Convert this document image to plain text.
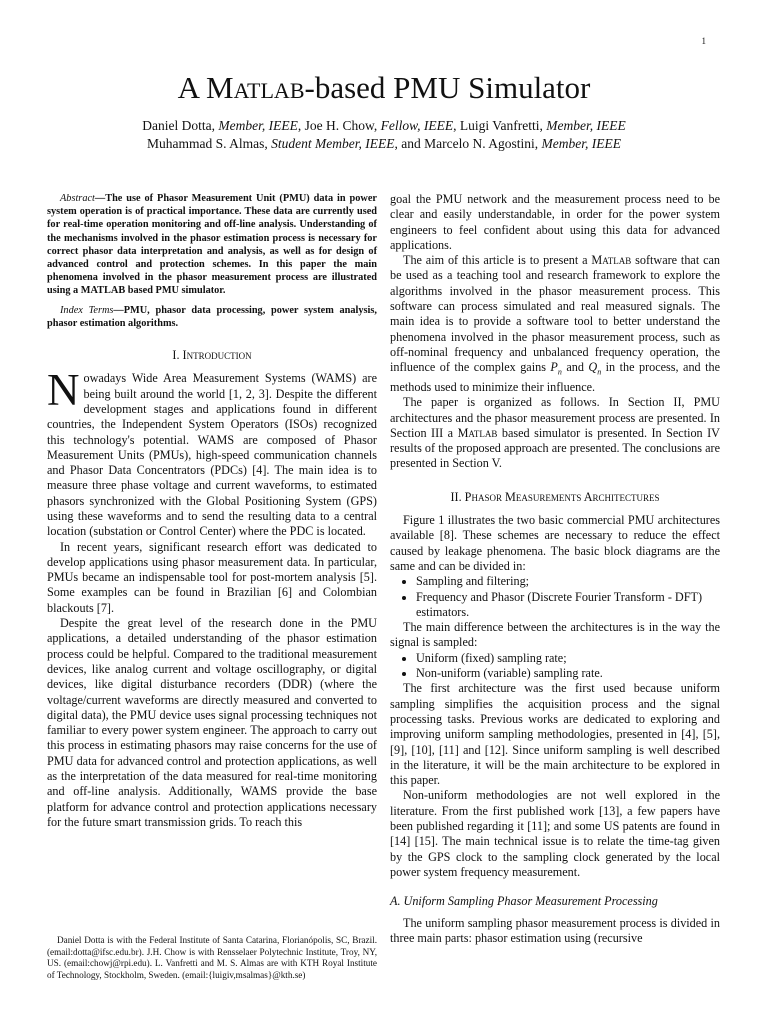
1
A Matlab-based PMU Simulator
Daniel Dotta, Member, IEEE, Joe H. Chow, Fellow, IEEE, Luigi Vanfretti, Member, IEEE
Muhammad S. Almas, Student Member, IEEE, and Marcelo N. Agostini, Member, IEEE

Abstract—The use of Phasor Measurement Unit (PMU) data in power system operation is of practical importance. These data are currently used for real-time operation monitoring and off-line analysis. Understanding of the mechanisms involved in the phasor estimation process is necessary for correct phasor data interpretation and analysis, as well as for design of advanced control and protection schemes. In this paper the main phenomena involved in the phasor measurement process are illustrated using a MATLAB based PMU simulator.

Index Terms—PMU, phasor data processing, power system analysis, phasor estimation algorithms.

I. Introduction

Nowadays Wide Area Measurement Systems (WAMS) are being built around the world [1, 2, 3]. Despite the different development stages and applications found in different countries, the Independent System Operators (ISOs) recognized this technology's potential. WAMS are composed of Phasor Measurement Units (PMUs), high-speed communication channels and Phasor Data Concentrators (PDCs) [4]. The main idea is to measure three phase voltage and current waveforms, to estimated phasors synchronized with the Global Positioning System (GPS) using these waveforms and to send the resulting data to a central location (substation or Control Center) where the PDC is located.

In recent years, significant research effort was dedicated to develop applications using phasor measurement data. In particular, PMUs became an indispensable tool for post-mortem analysis [5]. Some examples can be found in Brazilian [6] and Colombian blackouts [7].

Despite the great level of the research done in the PMU applications, a detailed understanding of the phasor estimation process could be helpful. Compared to the traditional measurement devices, like analog current and voltage oscillography, or digital devices, like digital disturbance recorders (DDR) (where the voltage/current waveforms are directly measured and converted to digital data), the PMU device uses signal processing techniques not familiar to every power system engineer. The approach to carry out this process in estimating phasors may raise concerns for the use of PMU data for advanced control and protection applications, as well as the interpretation of the data measured for real-time monitoring and off-line analysis. Additionally, WAMS provide the base platform for advance control and protection applications necessary for the future smart transmission grids. To reach this

goal the PMU network and the measurement process need to be clear and easily understandable, in order for the power system engineers to feel confident about using this data for advanced applications.

The aim of this article is to present a Matlab software that can be used as a teaching tool and research framework to explore the algorithms involved in the phasor measurement process. This software can process simulated and real measured signals. The main idea is to provide a software tool to better understand the phenomena involved in the phasor measurement process, such as off-nominal frequency and unbalanced frequency operation, the influence of the complex gains $P_n$ and $Q_n$ in the process, and the methods used to minimize their influence.

The paper is organized as follows. In Section II, PMU architectures and the phasor measurement process are presented. In Section III a Matlab based simulator is presented. In Section IV results of the proposed approach are presented. The conclusions are presented in Section V.

II. Phasor Measurements Architectures

Figure 1 illustrates the two basic commercial PMU architectures available [8]. These schemes are necessary to reduce the effect caused by leakage phenomena. The basic block diagrams are the same and can be divided in:

• Sampling and filtering;
• Frequency and Phasor (Discrete Fourier Transform - DFT) estimators.

The main difference between the architectures is in the way the signal is sampled:

• Uniform (fixed) sampling rate;
• Non-uniform (variable) sampling rate.

The first architecture was the first used because uniform sampling simplifies the acquisition process and the signal processing tasks. Previous works are dedicated to exploring and improving uniform sampling methodologies, presented in [4], [5], [9], [10], [11] and [12]. Since uniform sampling is well described in the literature, it will be the main architecture to be explored in this paper.

Non-uniform methodologies are not well explored in the literature. From the first published work [13], a few papers have been published regarding it [11]; and some US patents are found in [14] [15]. The main technical issue is to relate the time-tag given by the GPS clock to the sampling clock generated by the local power system frequency measurement.

A. Uniform Sampling Phasor Measurement Processing

The uniform sampling phasor measurement process is divided in three main parts: phasor estimation using (recursive

Daniel Dotta is with the Federal Institute of Santa Catarina, Florianópolis, SC, Brazil. (email:dotta@ifsc.edu.br). J.H. Chow is with Rensselaer Polytechnic Institute, Troy, NY, US. (email:chowj@rpi.edu). L. Vanfretti and M. S. Almas are with KTH Royal Institute of Technology, Stockholm, Sweden. (email:{luigiv,msalmas}@kth.se)
